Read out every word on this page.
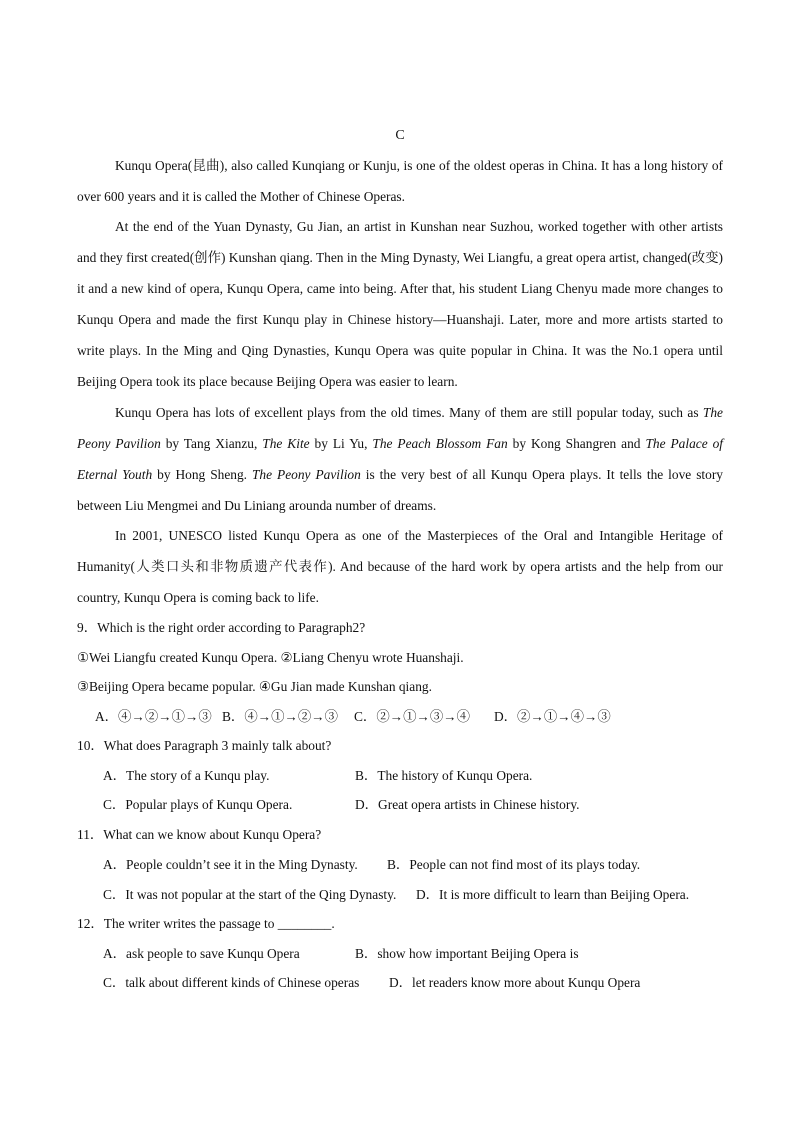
C

Kunqu Opera(昆曲), also called Kunqiang or Kunju, is one of the oldest operas in China. It has a long history of over 600 years and it is called the Mother of Chinese Operas.

At the end of the Yuan Dynasty, Gu Jian, an artist in Kunshan near Suzhou, worked together with other artists and they first created(创作) Kunshan qiang. Then in the Ming Dynasty, Wei Liangfu, a great opera artist, changed(改变) it and a new kind of opera, Kunqu Opera, came into being. After that, his student Liang Chenyu made more changes to Kunqu Opera and made the first Kunqu play in Chinese history—Huanshaji. Later, more and more artists started to write plays. In the Ming and Qing Dynasties, Kunqu Opera was quite popular in China. It was the No.1 opera until Beijing Opera took its place because Beijing Opera was easier to learn.

Kunqu Opera has lots of excellent plays from the old times. Many of them are still popular today, such as The Peony Pavilion by Tang Xianzu, The Kite by Li Yu, The Peach Blossom Fan by Kong Shangren and The Palace of Eternal Youth by Hong Sheng. The Peony Pavilion is the very best of all Kunqu Opera plays. It tells the love story between Liu Mengmei and Du Liniang arounda number of dreams.

In 2001, UNESCO listed Kunqu Opera as one of the Masterpieces of the Oral and Intangible Heritage of Humanity(人类口头和非物质遗产代表作). And because of the hard work by opera artists and the help from our country, Kunqu Opera is coming back to life.

9．Which is the right order according to Paragraph2?
①Wei Liangfu created Kunqu Opera. ②Liang Chenyu wrote Huanshaji.
③Beijing Opera became popular. ④Gu Jian made Kunshan qiang.
A．④→②→①→③ B．④→①→②→③ C．②→①→③→④ D．②→①→④→③
10．What does Paragraph 3 mainly talk about?
A．The story of a Kunqu play.	B．The history of Kunqu Opera.
C．Popular plays of Kunqu Opera.	D．Great opera artists in Chinese history.
11．What can we know about Kunqu Opera?
A．People couldn’t see it in the Ming Dynasty. B．People can not find most of its plays today.
C．It was not popular at the start of the Qing Dynasty. D．It is more difficult to learn than Beijing Opera.
12．The writer writes the passage to ________.
A．ask people to save Kunqu Opera	B．show how important Beijing Opera is
C．talk about different kinds of Chinese operas D．let readers know more about Kunqu Opera
